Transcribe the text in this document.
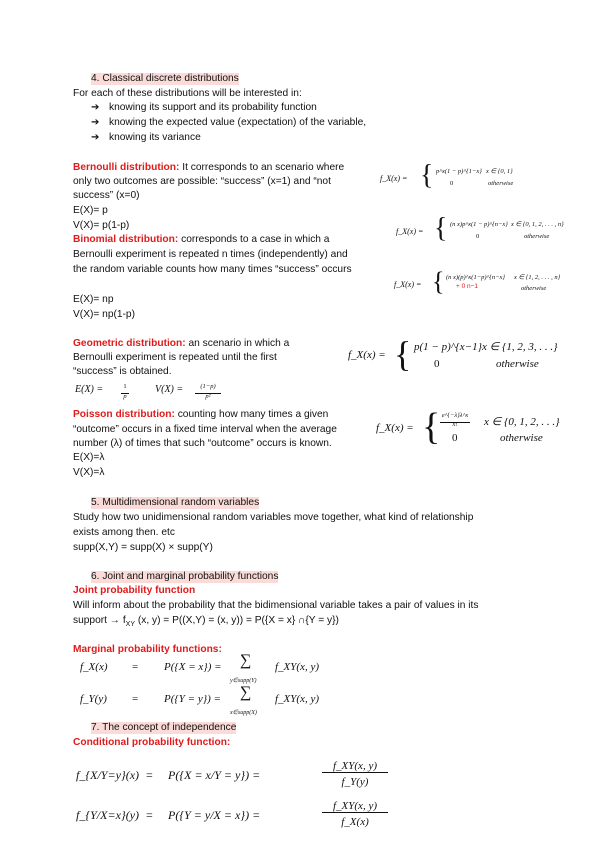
4. Classical discrete distributions
For each of these distributions will be interested in:
➔ knowing its support and its probability function
➔ knowing the expected value (expectation) of the variable,
➔ knowing its variance
Bernoulli distribution: It corresponds to an scenario where
only two outcomes are possible: “success” (x=1) and “not
success” (x=0)
E(X)= p
V(X)= p(1-p)
f_X(x) = { p^x(1 − p)^{1−x} x ∈ {0, 1}
0	otherwise
Binomial distribution: corresponds to a case in which a
Bernoulli experiment is repeated n times (independently) and
the random variable counts how many times “success” occurs
E(X)= np
V(X)= np(1-p)
f_X(x) = { (n x)p^x(1 − p)^{n−x} x ∈ {0, 1, 2, . . . , n}
0	otherwise
f_X(x) = { (n x)(p)^x(1−p)^{n−x} x ∈ {1, 2, . . . , n}
+ 0 n−1	otherwise
Geometric distribution: an scenario in which a
Bernoulli experiment is repeated until the first
“success” is obtained.
E(X) =	1
p
V(X) =	(1−p)
p²
f_X(x) = { p(1 − p)^{x−1} x ∈ {1, 2, 3, . . .}
0	otherwise
Poisson distribution: counting how many times a given
“outcome” occurs in a fixed time interval when the average
number (λ) of times that such “outcome” occurs is known.
E(X)=λ
V(X)=λ
f_X(x) = { e^{−λ}λ^x
x!	x ∈ {0, 1, 2, . . .}
0	otherwise
5. Multidimensional random variables
Study how two unidimensional random variables move together, what kind of relationship
exists among then. etc
supp(X,Y) = supp(X) × supp(Y)
6. Joint and marginal probability functions
Joint probability function
Will inform about the probability that the bidimensional variable takes a pair of values in its
support → $f_{XY}$ (x, y) = P((X,Y) = (x, y)) = P({X = x} ∩{Y = y})
Marginal probability functions:
f_X(x) = P({X = x}) = ∑
y∈supp(Y)
f_XY(x, y)
f_Y(y) = P({Y = y}) = ∑
x∈supp(X)
f_XY(x, y)
7. The concept of independence
Conditional probability function:
f_{X/Y=y}(x) = P({X = x/Y = y}) =
f_XY(x, y)
f_Y(y)
f_{Y/X=x}(y) = P({Y = y/X = x}) =
f_XY(x, y)
f_X(x)
